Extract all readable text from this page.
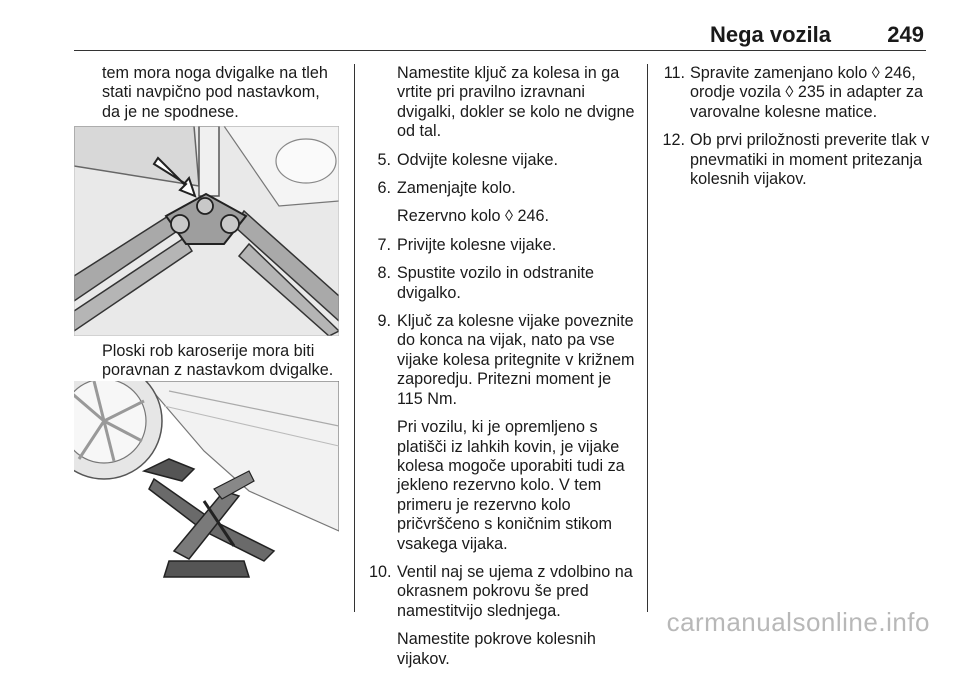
Nega vozila	249

tem mora noga dvigalke na tleh stati navpično pod nastavkom, da je ne spodnese.

Ploski rob karoserije mora biti poravnan z nastavkom dvigalke.

Namestite ključ za kolesa in ga vrtite pri pravilno izravnani dvigalki, dokler se kolo ne dvigne od tal.

5. Odvijte kolesne vijake.
6. Zamenjajte kolo.

Rezervno kolo ◊ 246.

7. Privijte kolesne vijake.
8. Spustite vozilo in odstranite dvigalko.
9. Ključ za kolesne vijake poveznite do konca na vijak, nato pa vse vijake kolesa pritegnite v križnem zaporedju. Pritezni moment je 115 Nm.

Pri vozilu, ki je opremljeno s platišči iz lahkih kovin, je vijake kolesa mogoče uporabiti tudi za jekleno rezervno kolo. V tem primeru je rezervno kolo pričvrščeno s koničnim stikom vsakega vijaka.

10. Ventil naj se ujema z vdolbino na okrasnem pokrovu še pred namestitvijo slednjega.

Namestite pokrove kolesnih vijakov.

11. Spravite zamenjano kolo ◊ 246, orodje vozila ◊ 235 in adapter za varovalne kolesne matice.
12. Ob prvi priložnosti preverite tlak v pnevmatiki in moment pritezanja kolesnih vijakov.
carmanualsonline.info
